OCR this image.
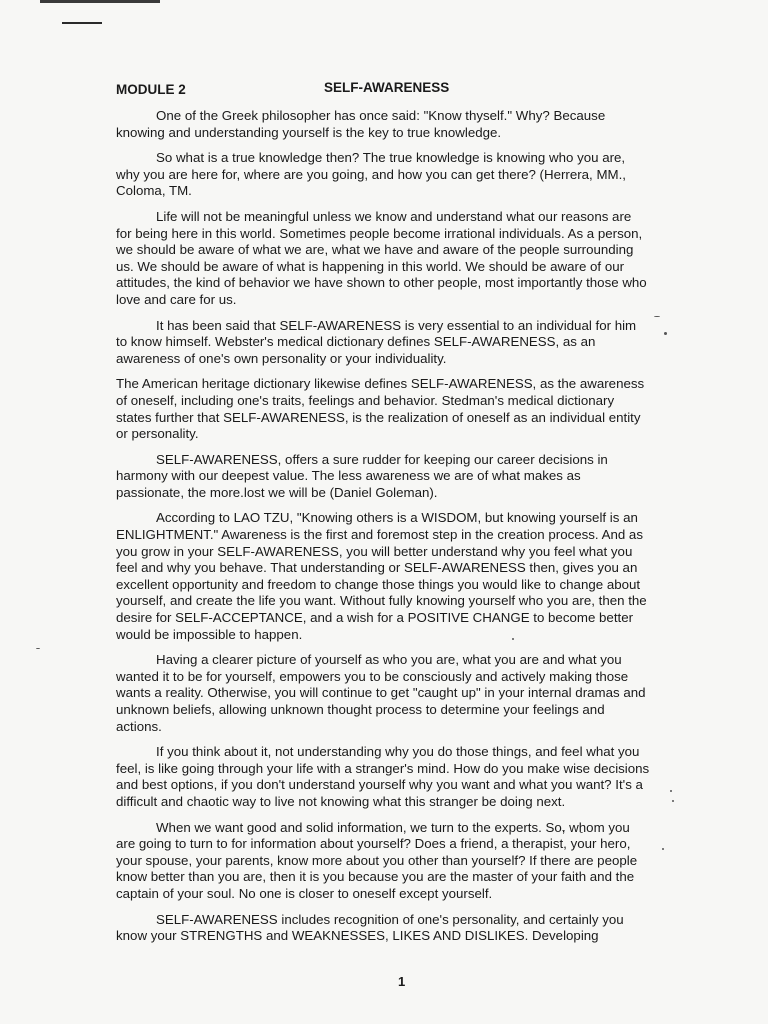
MODULE 2	SELF-AWARENESS

One of the Greek philosopher has once said: "Know thyself." Why? Because knowing and understanding yourself is the key to true knowledge.

So what is a true knowledge then? The true knowledge is knowing who you are, why you are here for, where are you going, and how you can get there? (Herrera, MM., Coloma, TM.

Life will not be meaningful unless we know and understand what our reasons are for being here in this world. Sometimes people become irrational individuals. As a person, we should be aware of what we are, what we have and aware of the people surrounding us. We should be aware of what is happening in this world. We should be aware of our attitudes, the kind of behavior we have shown to other people, most importantly those who love and care for us.

It has been said that SELF-AWARENESS is very essential to an individual for him to know himself. Webster's medical dictionary defines SELF-AWARENESS, as an awareness of one's own personality or your individuality.

The American heritage dictionary likewise defines SELF-AWARENESS, as the awareness of oneself, including one's traits, feelings and behavior. Stedman's medical dictionary states further that SELF-AWARENESS, is the realization of oneself as an individual entity or personality.

SELF-AWARENESS, offers a sure rudder for keeping our career decisions in harmony with our deepest value. The less awareness we are of what makes as passionate, the more.lost we will be (Daniel Goleman).

According to LAO TZU, "Knowing others is a WISDOM, but knowing yourself is an ENLIGHTMENT." Awareness is the first and foremost step in the creation process. And as you grow in your SELF-AWARENESS, you will better understand why you feel what you feel and why you behave. That understanding or SELF-AWARENESS then, gives you an excellent opportunity and freedom to change those things you would like to change about yourself, and create the life you want. Without fully knowing yourself who you are, then the desire for SELF-ACCEPTANCE, and a wish for a POSITIVE CHANGE to become better would be impossible to happen.

Having a clearer picture of yourself as who you are, what you are and what you wanted it to be for yourself, empowers you to be consciously and actively making those wants a reality. Otherwise, you will continue to get "caught up" in your internal dramas and unknown beliefs, allowing unknown thought process to determine your feelings and actions.

If you think about it, not understanding why you do those things, and feel what you feel, is like going through your life with a stranger's mind. How do you make wise decisions and best options, if you don't understand yourself why you want and what you want? It's a difficult and chaotic way to live not knowing what this stranger be doing next.

When we want good and solid information, we turn to the experts. So, whom you are going to turn to for information about yourself? Does a friend, a therapist, your hero, your spouse, your parents, know more about you other than yourself? If there are people know better than you are, then it is you because you are the master of your faith and the captain of your soul. No one is closer to oneself except yourself.

SELF-AWARENESS includes recognition of one's personality, and certainly you know your STRENGTHS and WEAKNESSES, LIKES AND DISLIKES. Developing

1
